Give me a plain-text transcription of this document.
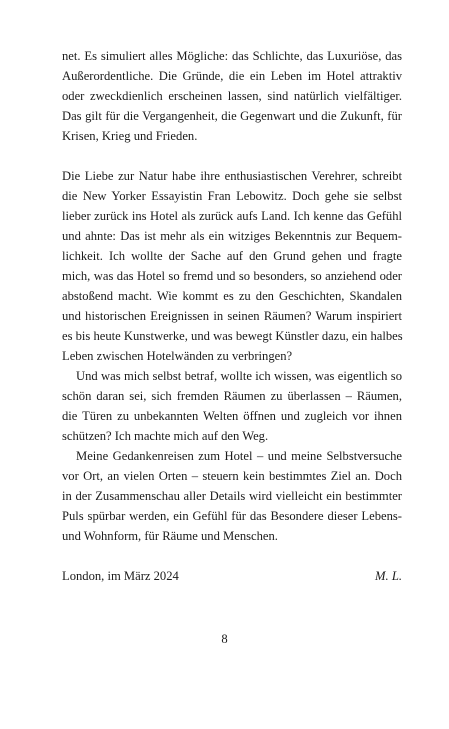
net. Es simuliert alles Mögliche: das Schlichte, das Luxuriöse, das
Außerordentliche. Die Gründe, die ein Leben im Hotel attraktiv
oder zweckdienlich erscheinen lassen, sind natürlich vielfältiger.
Das gilt für die Vergangenheit, die Gegenwart und die Zukunft, für
Krisen, Krieg und Frieden.
Die Liebe zur Natur habe ihre enthusiastischen Verehrer, schreibt
die New Yorker Essayistin Fran Lebowitz. Doch gehe sie selbst
lieber zurück ins Hotel als zurück aufs Land. Ich kenne das Gefühl
und ahnte: Das ist mehr als ein witziges Bekenntnis zur Bequem-
lichkeit. Ich wollte der Sache auf den Grund gehen und fragte
mich, was das Hotel so fremd und so besonders, so anziehend oder
abstoßend macht. Wie kommt es zu den Geschichten, Skandalen
und historischen Ereignissen in seinen Räumen? Warum inspiriert
es bis heute Kunstwerke, und was bewegt Künstler dazu, ein halbes
Leben zwischen Hotelwänden zu verbringen?
Und was mich selbst betraf, wollte ich wissen, was eigentlich so
schön daran sei, sich fremden Räumen zu überlassen – Räumen,
die Türen zu unbekannten Welten öffnen und zugleich vor ihnen
schützen? Ich machte mich auf den Weg.
Meine Gedankenreisen zum Hotel – und meine Selbstversuche
vor Ort, an vielen Orten – steuern kein bestimmtes Ziel an. Doch
in der Zusammenschau aller Details wird vielleicht ein bestimmter
Puls spürbar werden, ein Gefühl für das Besondere dieser Lebens-
und Wohnform, für Räume und Menschen.
London, im März 2024	M. L.
8
